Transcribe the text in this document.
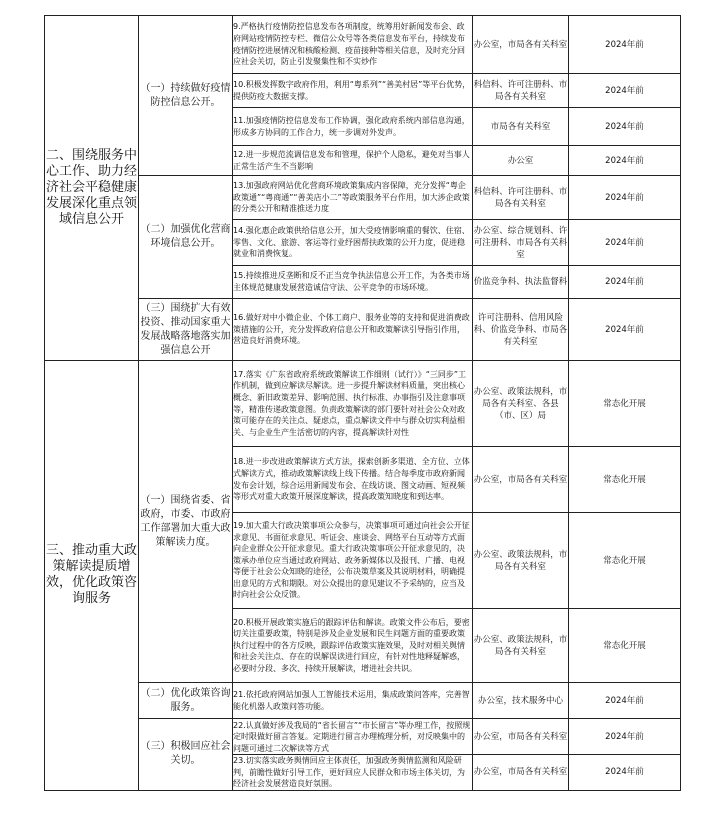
二、围绕服务中心工作、助力经济社会平稳健康发展深化重点领域信息公开	（一）持续做好疫情防控信息公开。	9.严格执行疫情防控信息发布各项制度，统筹用好新闻发布会、政府网站疫情防控专栏、微信公众号等各类信息发布平台，持续发布疫情防控进展情况和核酸检测、疫苗接种等相关信息，及时充分回应社会关切，防止引发聚集性和不实炒作	办公室，市局各有关科室	2024年前
		10.积极发挥数字政府作用，利用“粤系列”“善美村居”等平台优势，提供防疫大数据支撑。	科信科、许可注册科、市局各有关科室	2024年前
		11.加强疫情防控信息发布工作协调，强化政府系统内部信息沟通，形成多方协同的工作合力，统一步调对外发声。	市局各有关科室	2024年前
		12.进一步规范流调信息发布和管理，保护个人隐私，避免对当事人正常生活产生不当影响	办公室	2024年前
	（二）加强优化营商环境信息公开。	13.加强政府网站优化营商环境政策集成内容保障，充分发挥“粤企政策通”“粤商通”“善美店小二”等政策服务平台作用，加大涉企政策的分类公开和精准推送力度	科信科、许可注册科、市局各有关科室	2024年前
		14.强化惠企政策供给信息公开，加大受疫情影响重的餐饮、住宿、零售、文化、旅游、客运等行业纾困帮扶政策的公开力度，促进稳就业和消费恢复。	办公室、综合规划科、许可注册科、市局各有关科室	2024年前
		15.持续推进反垄断和反不正当竞争执法信息公开工作，为各类市场主体规范健康发展营造诚信守法、公平竞争的市场环境。	价监竞争科、执法监督科	2024年前
	（三）围绕扩大有效投资、推动国家重大发展战略落地落实加强信息公开	16.做好对中小微企业、个体工商户、服务业等的支持和促进消费政策措施的公开，充分发挥政府信息公开和政策解读引导指引作用，营造良好消费环境。	许可注册科、信用风险科、价监竞争科、市局各有关科室	2024年前
三、推动重大政策解读提质增效，优化政策咨询服务	（一）围绕省委、省政府，市委、市政府工作部署加大重大政策解读力度。	17.落实《广东省政府系统政策解读工作细则（试行）》“三同步”工作机制，做到应解读尽解读。进一步提升解读材料质量，突出核心概念、新旧政策差异、影响范围、执行标准、办事指引及注意事项等，精准传递政策意图。负责政策解读的部门要针对社会公众对政策可能存在的关注点、疑虑点，重点解读文件中与群众切实利益相关、与企业生产生活密切的内容，提高解读针对性	办公室、政策法规科，市局各有关科室、各县（市、区）局	常态化开展

		18.进一步改进政策解读方式方法，探索创新多渠道、全方位、立体式解读方式，推动政策解读线上线下传播。结合每季度市政府新闻发布会计划，综合运用新闻发布会、在线访谈、图文动画、短视频等形式对重大政策开展深度解读，提高政策知晓度和到达率。	办公室，市局各有关科室	常态化开展

		19.加大重大行政决策事项公众参与，决策事项可通过向社会公开征求意见、书面征求意见、听证会、座谈会、网络平台互动等方式面向企业群众公开征求意见。重大行政决策事项公开征求意见的，决策承办单位应当通过政府网站、政务新媒体以及报刊、广播、电视等便于社会公众知晓的途径，公布决策草案及其说明材料，明确提出意见的方式和期限。对公众提出的意见建议不予采纳的，应当及时向社会公众反馈。	办公室、政策法规科，市局各有关科室	常态化开展

		20.积极开展政策实施后的跟踪评估和解读。政策文件公布后，要密切关注重要政策，特别是涉及企业发展和民生问题方面的重要政策执行过程中的各方反映，跟踪评估政策实施效果，及时对相关舆情和社会关注点、存在的误解误读进行回应，有针对性地释疑解惑，必要时分段、多次、持续开展解读，增进社会共识。	办公室、政策法规科，市局各有关科室	常态化开展
	（二）优化政策咨询服务。	21.依托政府网站加强人工智能技术运用，集成政策问答库，完善智能化机器人政策问答功能。	办公室，技术服务中心	2024年前
	（三）积极回应社会关切。	22.认真做好涉及我局的“省长留言”“市长留言”等办理工作，按照规定时限做好留言答复。定期进行留言办理梳理分析，对反映集中的问题可通过二次解读等方式	办公室，市局各有关科室	2024年前
		23.切实落实政务舆情回应主体责任，加强政务舆情监测和风险研判，前瞻性做好引导工作，更好回应人民群众和市场主体关切，为经济社会发展营造良好氛围。	办公室，市局各有关科室	2024年前
